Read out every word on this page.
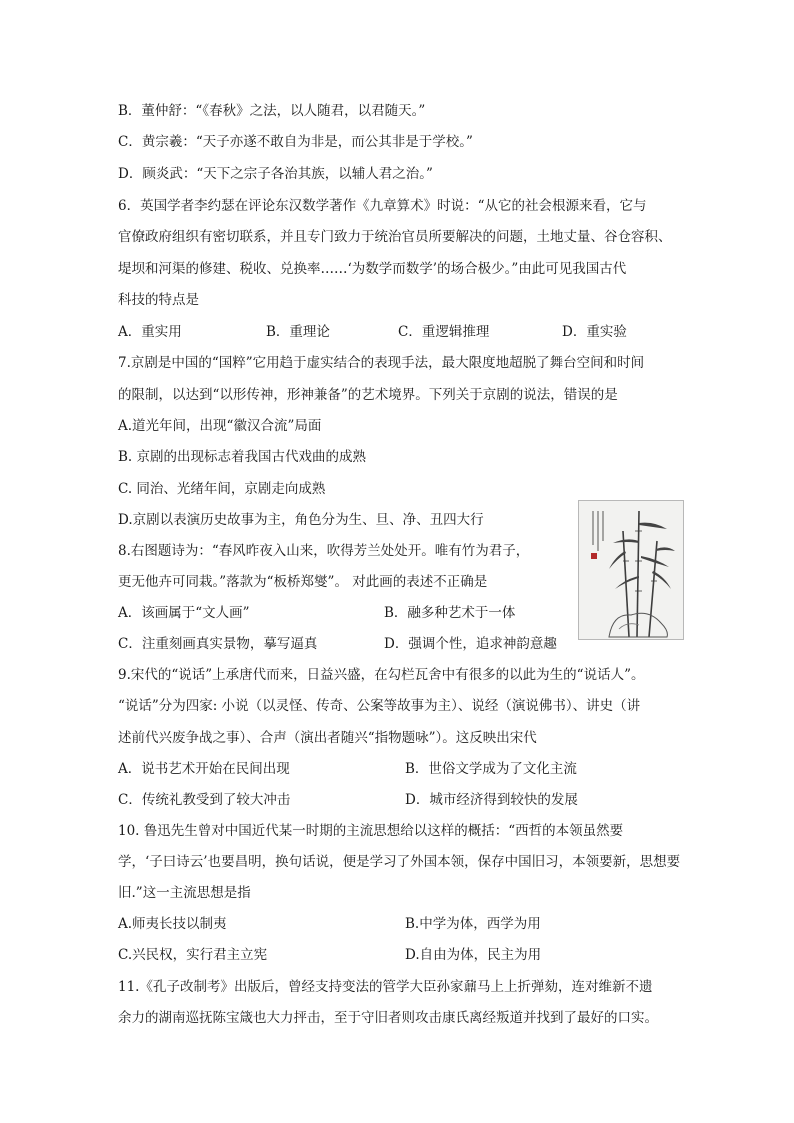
B．董仲舒：“《春秋》之法，以人随君，以君随天。”
C．黄宗羲：“天子亦遂不敢自为非是，而公其非是于学校。”
D．顾炎武：“天下之宗子各治其族，以辅人君之治。”
6．英国学者李约瑟在评论东汉数学著作《九章算术》时说：“从它的社会根源来看，它与
官僚政府组织有密切联系，并且专门致力于统治官员所要解决的问题，土地丈量、谷仓容积、
堤坝和河渠的修建、税收、兑换率……‘为数学而数学’的场合极少。”由此可见我国古代
科技的特点是
A．重实用	B．重理论	C．重逻辑推理	D．重实验
7.京剧是中国的“国粹”它用趋于虚实结合的表现手法，最大限度地超脱了舞台空间和时间
的限制，以达到“以形传神，形神兼备”的艺术境界。下列关于京剧的说法，错误的是
A.道光年间，出现“徽汉合流”局面
B. 京剧的出现标志着我国古代戏曲的成熟
C. 同治、光绪年间，京剧走向成熟
D.京剧以表演历史故事为主，角色分为生、旦、净、丑四大行
8.右图题诗为：“春风昨夜入山来，吹得芳兰处处开。唯有竹为君子，
更无他卉可同栽。”落款为“板桥郑燮”。 对此画的表述不正确是
A．该画属于“文人画”	B．融多种艺术于一体
C．注重刻画真实景物，摹写逼真	D．强调个性，追求神韵意趣
9.宋代的“说话”上承唐代而来，日益兴盛，在勾栏瓦舍中有很多的以此为生的“说话人”。
“说话”分为四家: 小说（以灵怪、传奇、公案等故事为主）、说经（演说佛书）、讲史（讲
述前代兴废争战之事）、合声（演出者随兴“指物题咏”）。这反映出宋代
A．说书艺术开始在民间出现	B．世俗文学成为了文化主流
C．传统礼教受到了较大冲击	D．城市经济得到较快的发展
10. 鲁迅先生曾对中国近代某一时期的主流思想给以这样的概括：“西哲的本领虽然要
学，‘子曰诗云’也要昌明，换句话说，便是学习了外国本领，保存中国旧习，本领要新，思想要
旧.”这一主流思想是指
A.师夷长技以制夷	B.中学为体，西学为用
C.兴民权，实行君主立宪	D.自由为体，民主为用
11.《孔子改制考》出版后，曾经支持变法的管学大臣孙家鼐马上上折弹劾，连对维新不遗
余力的湖南巡抚陈宝箴也大力抨击，至于守旧者则攻击康氏离经叛道并找到了最好的口实。
